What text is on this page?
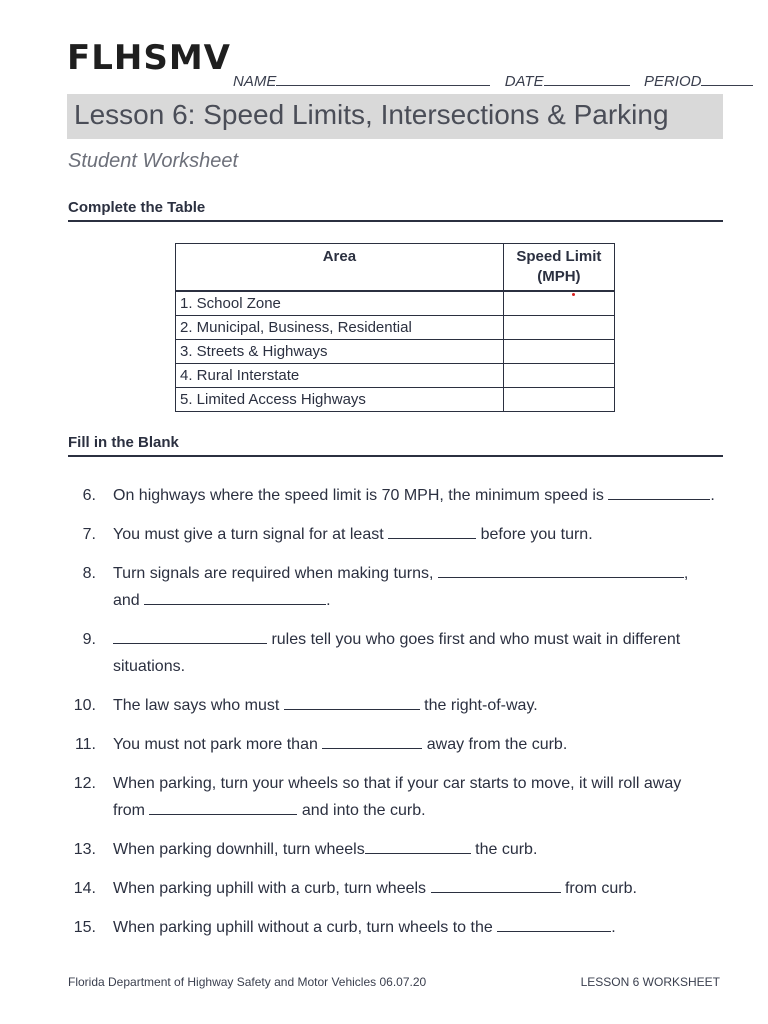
FLHSMV
NAME	DATE	PERIOD
Lesson 6: Speed Limits, Intersections & Parking
Student Worksheet
Complete the Table
Area	Speed Limit
(MPH)
1. School Zone	
2. Municipal, Business, Residential	
3. Streets & Highways	
4. Rural Interstate	
5. Limited Access Highways	
Fill in the Blank
6. On highways where the speed limit is 70 MPH, the minimum speed is	.
7. You must give a turn signal for at least	before you turn.
8. Turn signals are required when making turns,	,
and	.
9.	rules tell you who goes first and who must wait in different
situations.
10. The law says who must	the right-of-way.
11. You must not park more than	away from the curb.
12. When parking, turn your wheels so that if your car starts to move, it will roll away
from	and into the curb.
13. When parking downhill, turn wheels	the curb.
14. When parking uphill with a curb, turn wheels	from curb.
15. When parking uphill without a curb, turn wheels to the	.
Florida Department of Highway Safety and Motor Vehicles 06.07.20	LESSON 6 WORKSHEET
